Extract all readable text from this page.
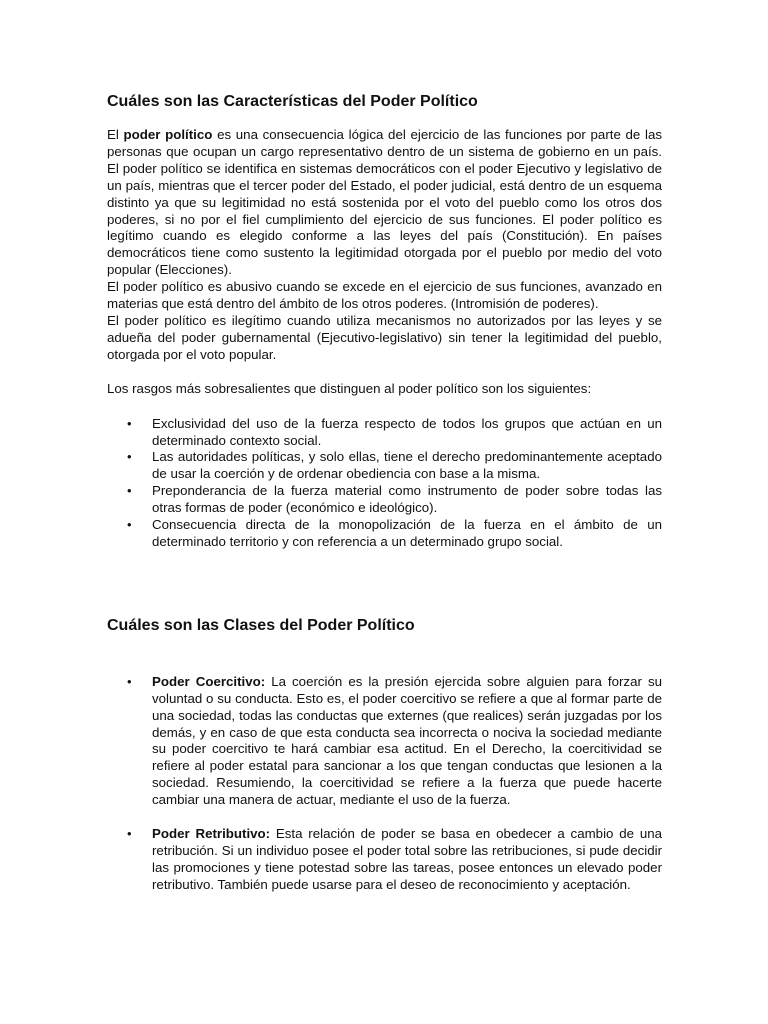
Cuáles son las Características del Poder Político

El poder político es una consecuencia lógica del ejercicio de las funciones por parte de las personas que ocupan un cargo representativo dentro de un sistema de gobierno en un país. El poder político se identifica en sistemas democráticos con el poder Ejecutivo y legislativo de un país, mientras que el tercer poder del Estado, el poder judicial, está dentro de un esquema distinto ya que su legitimidad no está sostenida por el voto del pueblo como los otros dos poderes, si no por el fiel cumplimiento del ejercicio de sus funciones. El poder político es legítimo cuando es elegido conforme a las leyes del país (Constitución). En países democráticos tiene como sustento la legitimidad otorgada por el pueblo por medio del voto popular (Elecciones).

El poder político es abusivo cuando se excede en el ejercicio de sus funciones, avanzado en materias que está dentro del ámbito de los otros poderes. (Intromisión de poderes).

El poder político es ilegítimo cuando utiliza mecanismos no autorizados por las leyes y se adueña del poder gubernamental (Ejecutivo-legislativo) sin tener la legitimidad del pueblo, otorgada por el voto popular.

Los rasgos más sobresalientes que distinguen al poder político son los siguientes:

• Exclusividad del uso de la fuerza respecto de todos los grupos que actúan en un determinado contexto social.
• Las autoridades políticas, y solo ellas, tiene el derecho predominantemente aceptado de usar la coerción y de ordenar obediencia con base a la misma.
• Preponderancia de la fuerza material como instrumento de poder sobre todas las otras formas de poder (económico e ideológico).
• Consecuencia directa de la monopolización de la fuerza en el ámbito de un determinado territorio y con referencia a un determinado grupo social.
Cuáles son las Clases del Poder Político
• Poder Coercitivo: La coerción es la presión ejercida sobre alguien para forzar su voluntad o su conducta. Esto es, el poder coercitivo se refiere a que al formar parte de una sociedad, todas las conductas que externes (que realices) serán juzgadas por los demás, y en caso de que esta conducta sea incorrecta o nociva la sociedad mediante su poder coercitivo te hará cambiar esa actitud. En el Derecho, la coercitividad se refiere al poder estatal para sancionar a los que tengan conductas que lesionen a la sociedad. Resumiendo, la coercitividad se refiere a la fuerza que puede hacerte cambiar una manera de actuar, mediante el uso de la fuerza.
• Poder Retributivo: Esta relación de poder se basa en obedecer a cambio de una retribución. Si un individuo posee el poder total sobre las retribuciones, si pude decidir las promociones y tiene potestad sobre las tareas, posee entonces un elevado poder retributivo. También puede usarse para el deseo de reconocimiento y aceptación.
